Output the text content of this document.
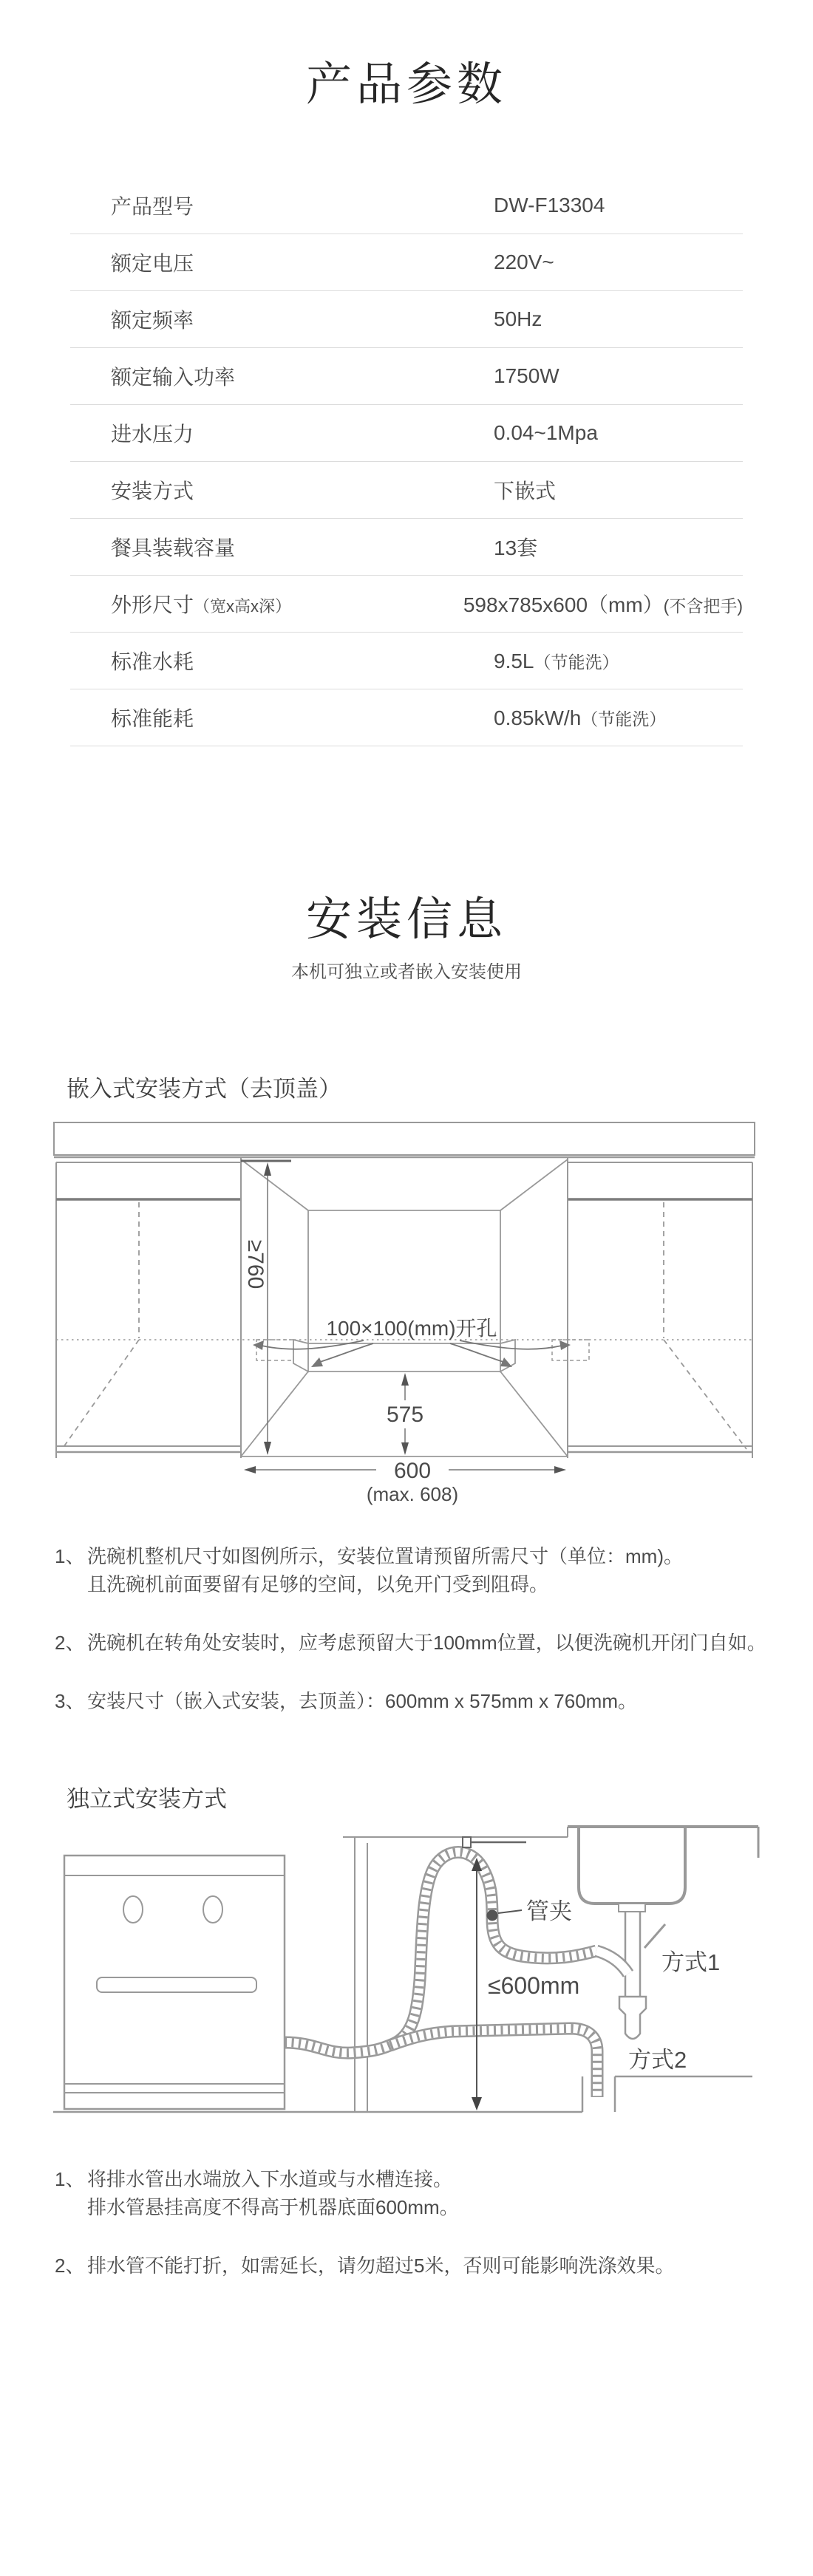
产品参数
产品型号	DW-F13304
额定电压	220V~
额定频率	50Hz
额定输入功率	1750W
进水压力	0.04~1Mpa
安装方式	下嵌式
餐具装载容量	13套
外形尺寸（宽x高x深）	598x785x600（mm）(不含把手)
标准水耗	9.5L（节能洗）
标准能耗	0.85kW/h（节能洗）
安装信息
本机可独立或者嵌入安装使用
嵌入式安装方式（去顶盖）
≥760
100×100(mm)开孔
575
600
(max. 608)
1、 洗碗机整机尺寸如图例所示，安装位置请预留所需尺寸（单位：mm)。
且洗碗机前面要留有足够的空间，以免开门受到阻碍。
2、 洗碗机在转角处安装时，应考虑预留大于100mm位置，以便洗碗机开闭门自如。
3、 安装尺寸（嵌入式安装，去顶盖）：600mm x 575mm x 760mm。
独立式安装方式
≤600mm
管夹
方式1
方式2
1、 将排水管出水端放入下水道或与水槽连接。
排水管悬挂高度不得高于机器底面600mm。
2、 排水管不能打折，如需延长，请勿超过5米，否则可能影响洗涤效果。
